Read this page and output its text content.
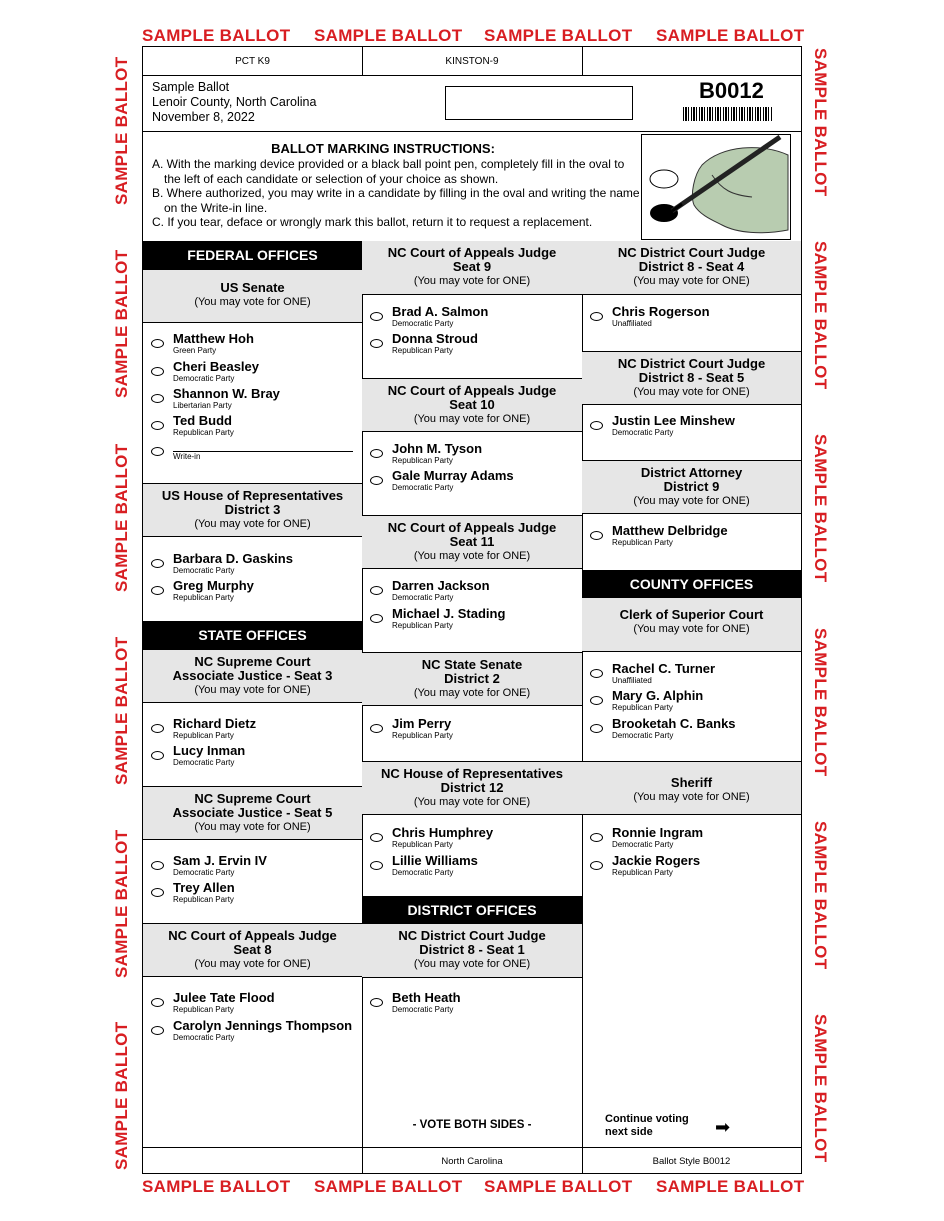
SAMPLE BALLOT SAMPLE BALLOT SAMPLE BALLOT SAMPLE BALLOT
SAMPLE BALLOT SAMPLE BALLOT SAMPLE BALLOT SAMPLE BALLOT
SAMPLE BALLOT
SAMPLE BALLOT
SAMPLE BALLOT
SAMPLE BALLOT
SAMPLE BALLOT
SAMPLE BALLOT
SAMPLE BALLOT
SAMPLE BALLOT
SAMPLE BALLOT
SAMPLE BALLOT
SAMPLE BALLOT
SAMPLE BALLOT
PCT K9	KINSTON-9
Sample Ballot
Lenoir County, North Carolina
November 8, 2022
B0012
BALLOT MARKING INSTRUCTIONS:
A. With the marking device provided or a black ball point pen, completely fill in the oval to the left of each candidate or selection of your choice as shown.
B. Where authorized, you may write in a candidate by filling in the oval and writing the name on the Write-in line.
C. If you tear, deface or wrongly mark this ballot, return it to request a replacement.
FEDERAL OFFICES
US Senate
(You may vote for ONE)
Matthew Hoh
Green Party
Cheri Beasley
Democratic Party
Shannon W. Bray
Libertarian Party
Ted Budd
Republican Party
Write-in
US House of Representatives
District 3
(You may vote for ONE)
Barbara D. Gaskins
Democratic Party
Greg Murphy
Republican Party
STATE OFFICES
NC Supreme Court
Associate Justice - Seat 3
(You may vote for ONE)
Richard Dietz
Republican Party
Lucy Inman
Democratic Party
NC Supreme Court
Associate Justice - Seat 5
(You may vote for ONE)
Sam J. Ervin IV
Democratic Party
Trey Allen
Republican Party
NC Court of Appeals Judge
Seat 8
(You may vote for ONE)
Julee Tate Flood
Republican Party
Carolyn Jennings Thompson
Democratic Party
NC Court of Appeals Judge
Seat 9
(You may vote for ONE)
Brad A. Salmon
Democratic Party
Donna Stroud
Republican Party
NC Court of Appeals Judge
Seat 10
(You may vote for ONE)
John M. Tyson
Republican Party
Gale Murray Adams
Democratic Party
NC Court of Appeals Judge
Seat 11
(You may vote for ONE)
Darren Jackson
Democratic Party
Michael J. Stading
Republican Party
NC State Senate
District 2
(You may vote for ONE)
Jim Perry
Republican Party
NC House of Representatives
District 12
(You may vote for ONE)
Chris Humphrey
Republican Party
Lillie Williams
Democratic Party
DISTRICT OFFICES
NC District Court Judge
District 8 - Seat 1
(You may vote for ONE)
Beth Heath
Democratic Party
- VOTE BOTH SIDES -
NC District Court Judge
District 8 - Seat 4
(You may vote for ONE)
Chris Rogerson
Unaffiliated
NC District Court Judge
District 8 - Seat 5
(You may vote for ONE)
Justin Lee Minshew
Democratic Party
District Attorney
District 9
(You may vote for ONE)
Matthew Delbridge
Republican Party
COUNTY OFFICES
Clerk of Superior Court
(You may vote for ONE)
Rachel C. Turner
Unaffiliated
Mary G. Alphin
Republican Party
Brooketah C. Banks
Democratic Party
Sheriff
(You may vote for ONE)
Ronnie Ingram
Democratic Party
Jackie Rogers
Republican Party
Continue voting
next side	➡
North Carolina	Ballot Style B0012
